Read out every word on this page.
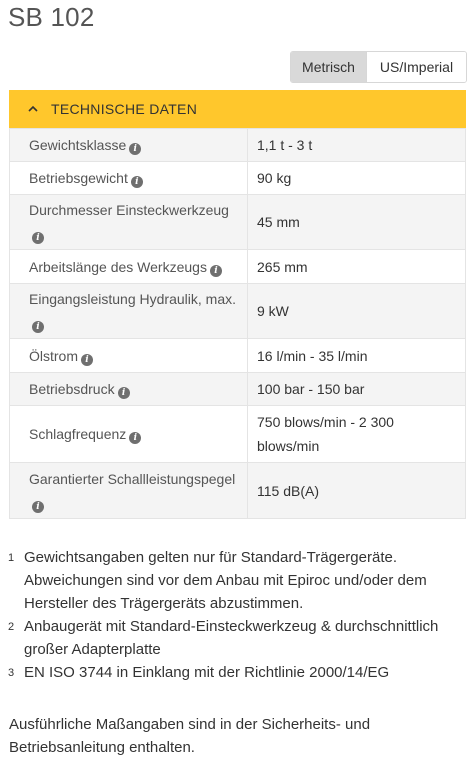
SB 102
Metrisch	US/Imperial
TECHNISCHE DATEN
Gewichtsklasse i	1,1 t - 3 t
Betriebsgewicht i	90 kg
Durchmesser Einsteckwerkzeugi	45 mm
Arbeitslänge des Werkzeugs i	265 mm
Eingangsleistung Hydraulik, max.i	9 kW
Ölstrom i	16 l/min - 35 l/min
Betriebsdruck i	100 bar - 150 bar
Schlagfrequenz i	750 blows/min - 2 300 blows/min
Garantierter Schallleistungspegeli	115 dB(A)
1 Gewichtsangaben gelten nur für Standard-Trägergeräte. Abweichungen sind vor dem Anbau mit Epiroc und/oder dem Hersteller des Trägergeräts abzustimmen.
2 Anbaugerät mit Standard-Einsteckwerkzeug & durchschnittlich großer Adapterplatte
3 EN ISO 3744 in Einklang mit der Richtlinie 2000/14/EG

Ausführliche Maßangaben sind in der Sicherheits- und Betriebsanleitung enthalten.
